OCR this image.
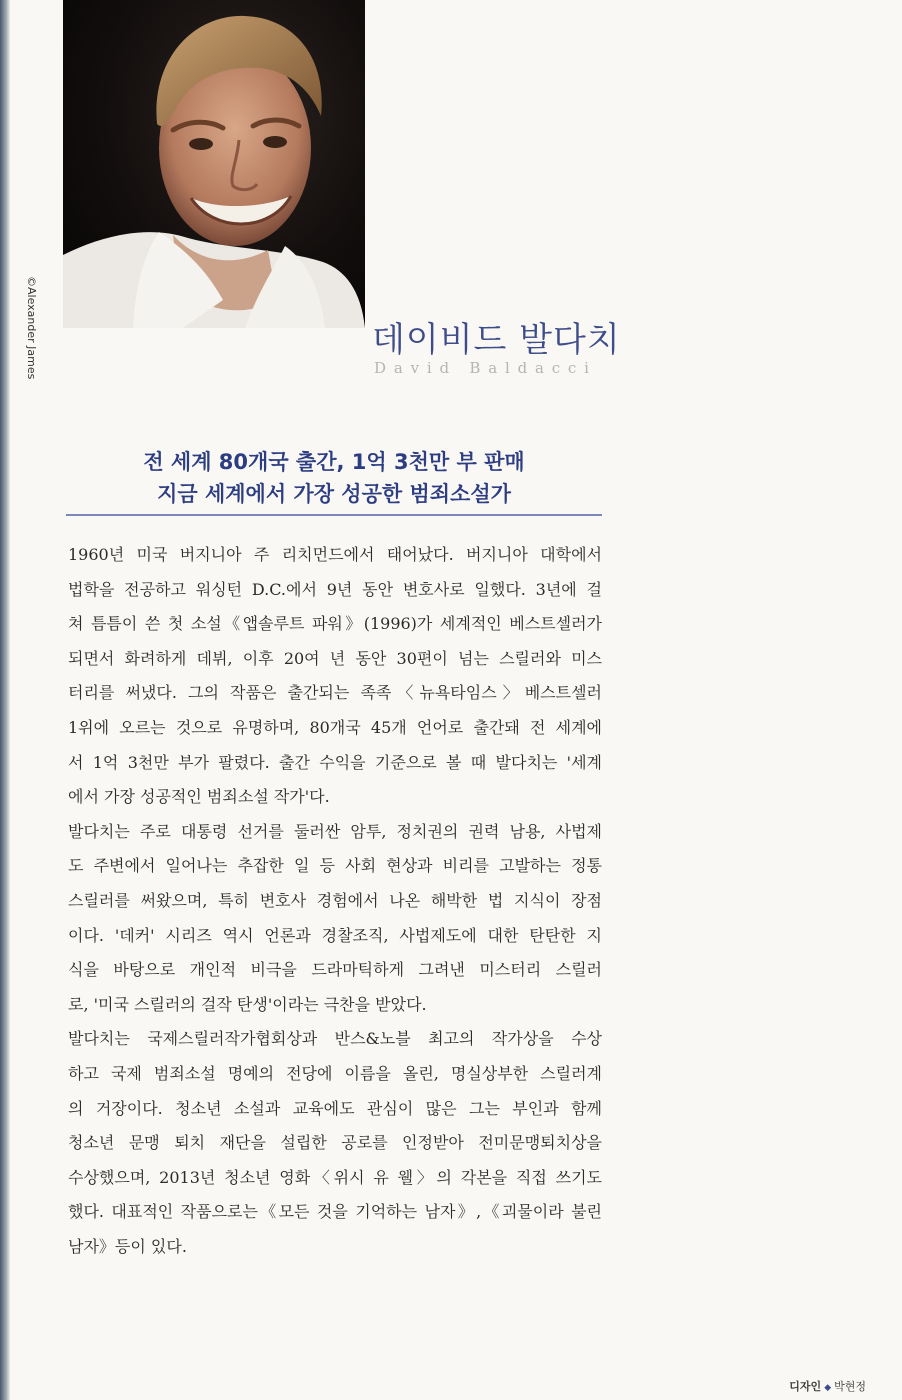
©Alexander James	데이비드 발다치
David Baldacci
전 세계 80개국 출간, 1억 3천만 부 판매
지금 세계에서 가장 성공한 범죄소설가
1960년 미국 버지니아 주 리치먼드에서 태어났다. 버지니아 대학에서
법학을 전공하고 워싱턴 D.C.에서 9년 동안 변호사로 일했다. 3년에 걸
쳐 틈틈이 쓴 첫 소설《앱솔루트 파워》(1996)가 세계적인 베스트셀러가
되면서 화려하게 데뷔, 이후 20여 년 동안 30편이 넘는 스릴러와 미스
터리를 써냈다. 그의 작품은 출간되는 족족〈뉴욕타임스〉베스트셀러
1위에 오르는 것으로 유명하며, 80개국 45개 언어로 출간돼 전 세계에
서 1억 3천만 부가 팔렸다. 출간 수익을 기준으로 볼 때 발다치는 '세계
에서 가장 성공적인 범죄소설 작가'다.
발다치는 주로 대통령 선거를 둘러싼 암투, 정치권의 권력 남용, 사법제
도 주변에서 일어나는 추잡한 일 등 사회 현상과 비리를 고발하는 정통
스릴러를 써왔으며, 특히 변호사 경험에서 나온 해박한 법 지식이 장점
이다. '데커' 시리즈 역시 언론과 경찰조직, 사법제도에 대한 탄탄한 지
식을 바탕으로 개인적 비극을 드라마틱하게 그려낸 미스터리 스릴러
로, '미국 스릴러의 걸작 탄생'이라는 극찬을 받았다.
발다치는 국제스릴러작가협회상과 반스&노블 최고의 작가상을 수상
하고 국제 범죄소설 명예의 전당에 이름을 올린, 명실상부한 스릴러계
의 거장이다. 청소년 소설과 교육에도 관심이 많은 그는 부인과 함께
청소년 문맹 퇴치 재단을 설립한 공로를 인정받아 전미문맹퇴치상을
수상했으며, 2013년 청소년 영화〈위시 유 웰〉의 각본을 직접 쓰기도
했다. 대표적인 작품으로는《모든 것을 기억하는 남자》,《괴물이라 불린
남자》등이 있다.
디자인 ◆ 박현정
